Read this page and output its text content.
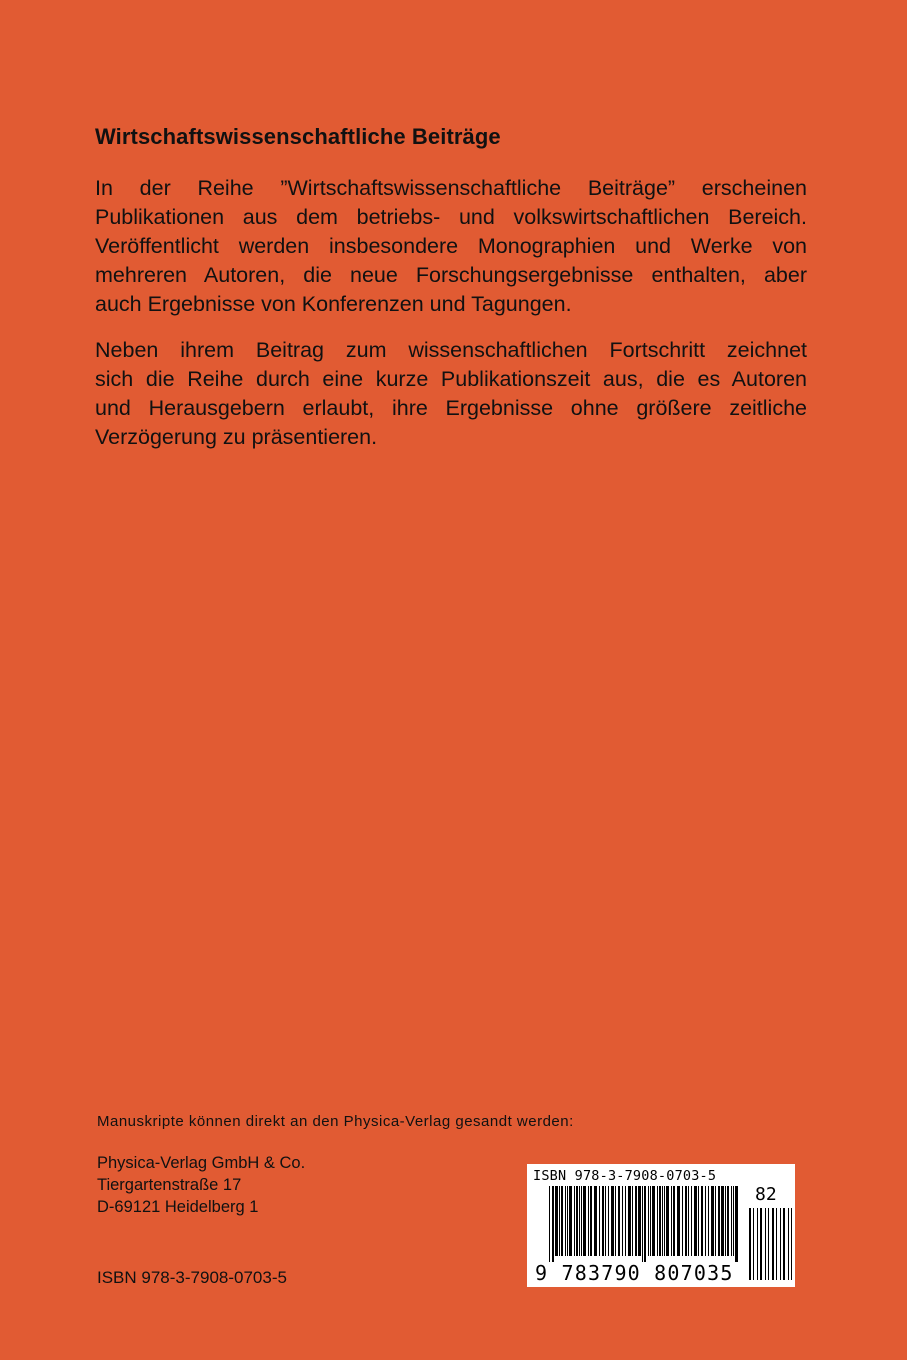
Wirtschaftswissenschaftliche Beiträge

In der Reihe ”Wirtschaftswissenschaftliche Beiträge” erscheinen
Publikationen aus dem betriebs- und volkswirtschaftlichen Bereich.
Veröffentlicht werden insbesondere Monographien und Werke von
mehreren Autoren, die neue Forschungsergebnisse enthalten, aber
auch Ergebnisse von Konferenzen und Tagungen.

Neben ihrem Beitrag zum wissenschaftlichen Fortschritt zeichnet
sich die Reihe durch eine kurze Publikationszeit aus, die es Autoren
und Herausgebern erlaubt, ihre Ergebnisse ohne größere zeitliche
Verzögerung zu präsentieren.

Manuskripte können direkt an den Physica-Verlag gesandt werden:
Physica-Verlag GmbH & Co.
Tiergartenstraße 17
D-69121 Heidelberg 1
ISBN 978-3-7908-0703-5
ISBN 978-3-7908-0703-5
82
9 783790 807035
